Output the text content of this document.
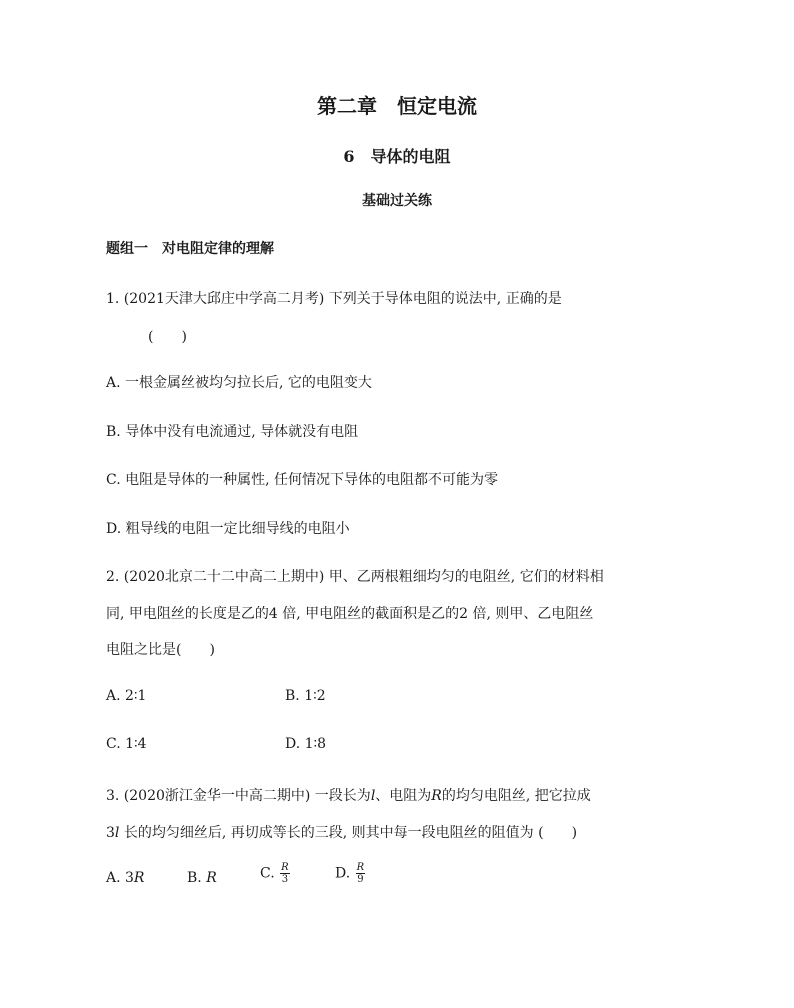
第二章　恒定电流
6　导体的电阻
基础过关练
题组一　对电阻定律的理解
1. (2021天津大邱庄中学高二月考) 下列关于导体电阻的说法中, 正确的是
(　　)
A. 一根金属丝被均匀拉长后, 它的电阻变大
B. 导体中没有电流通过, 导体就没有电阻
C. 电阻是导体的一种属性, 任何情况下导体的电阻都不可能为零
D. 粗导线的电阻一定比细导线的电阻小
2. (2020北京二十二中高二上期中) 甲、乙两根粗细均匀的电阻丝, 它们的材料相
同, 甲电阻丝的长度是乙的4 倍, 甲电阻丝的截面积是乙的2 倍, 则甲、乙电阻丝
电阻之比是(　　)
A. 2∶1	B. 1∶2
C. 1∶4	D. 1∶8
3. (2020浙江金华一中高二期中) 一段长为l、电阻为R的均匀电阻丝, 把它拉成
3l 长的均匀细丝后, 再切成等长的三段, 则其中每一段电阻丝的阻值为 (　　)
A. 3R	B. R	C. $\frac{R}{3}$	D. $\frac{R}{9}$
